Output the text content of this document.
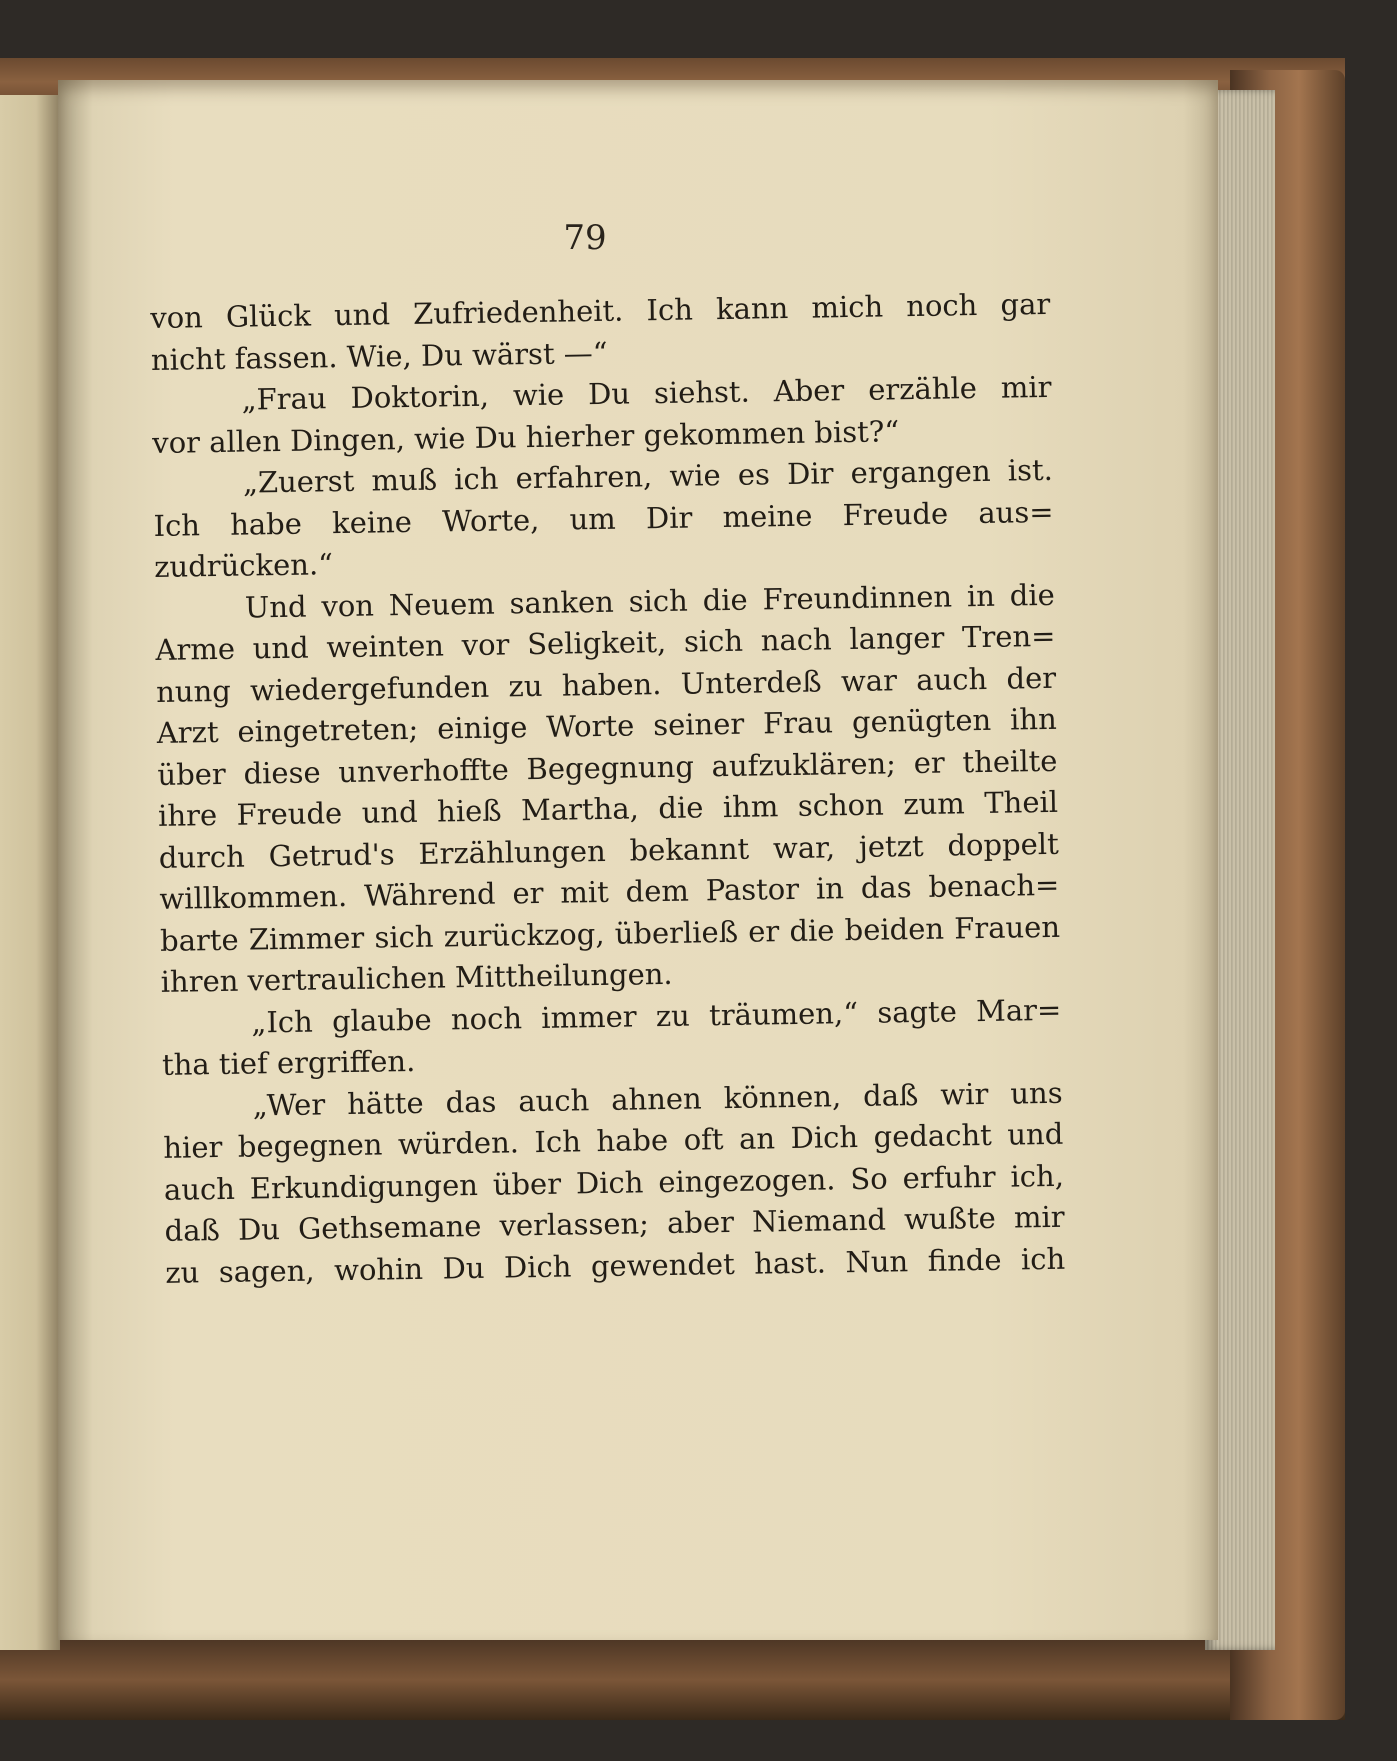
79
von Glück und Zufriedenheit. Ich kann mich noch gar
nicht fassen. Wie, Du wärst —“
„Frau Doktorin, wie Du siehst. Aber erzähle mir
vor allen Dingen, wie Du hierher gekommen bist?“
„Zuerst muß ich erfahren, wie es Dir ergangen ist.
Ich habe keine Worte, um Dir meine Freude aus=
zudrücken.“
Und von Neuem sanken sich die Freundinnen in die
Arme und weinten vor Seligkeit, sich nach langer Tren=
nung wiedergefunden zu haben. Unterdeß war auch der
Arzt eingetreten; einige Worte seiner Frau genügten ihn
über diese unverhoffte Begegnung aufzuklären; er theilte
ihre Freude und hieß Martha, die ihm schon zum Theil
durch Getrud's Erzählungen bekannt war, jetzt doppelt
willkommen. Während er mit dem Pastor in das benach=
barte Zimmer sich zurückzog, überließ er die beiden Frauen
ihren vertraulichen Mittheilungen.
„Ich glaube noch immer zu träumen,“ sagte Mar=
tha tief ergriffen.
„Wer hätte das auch ahnen können, daß wir uns
hier begegnen würden. Ich habe oft an Dich gedacht und
auch Erkundigungen über Dich eingezogen. So erfuhr ich,
daß Du Gethsemane verlassen; aber Niemand wußte mir
zu sagen, wohin Du Dich gewendet hast. Nun finde ich
